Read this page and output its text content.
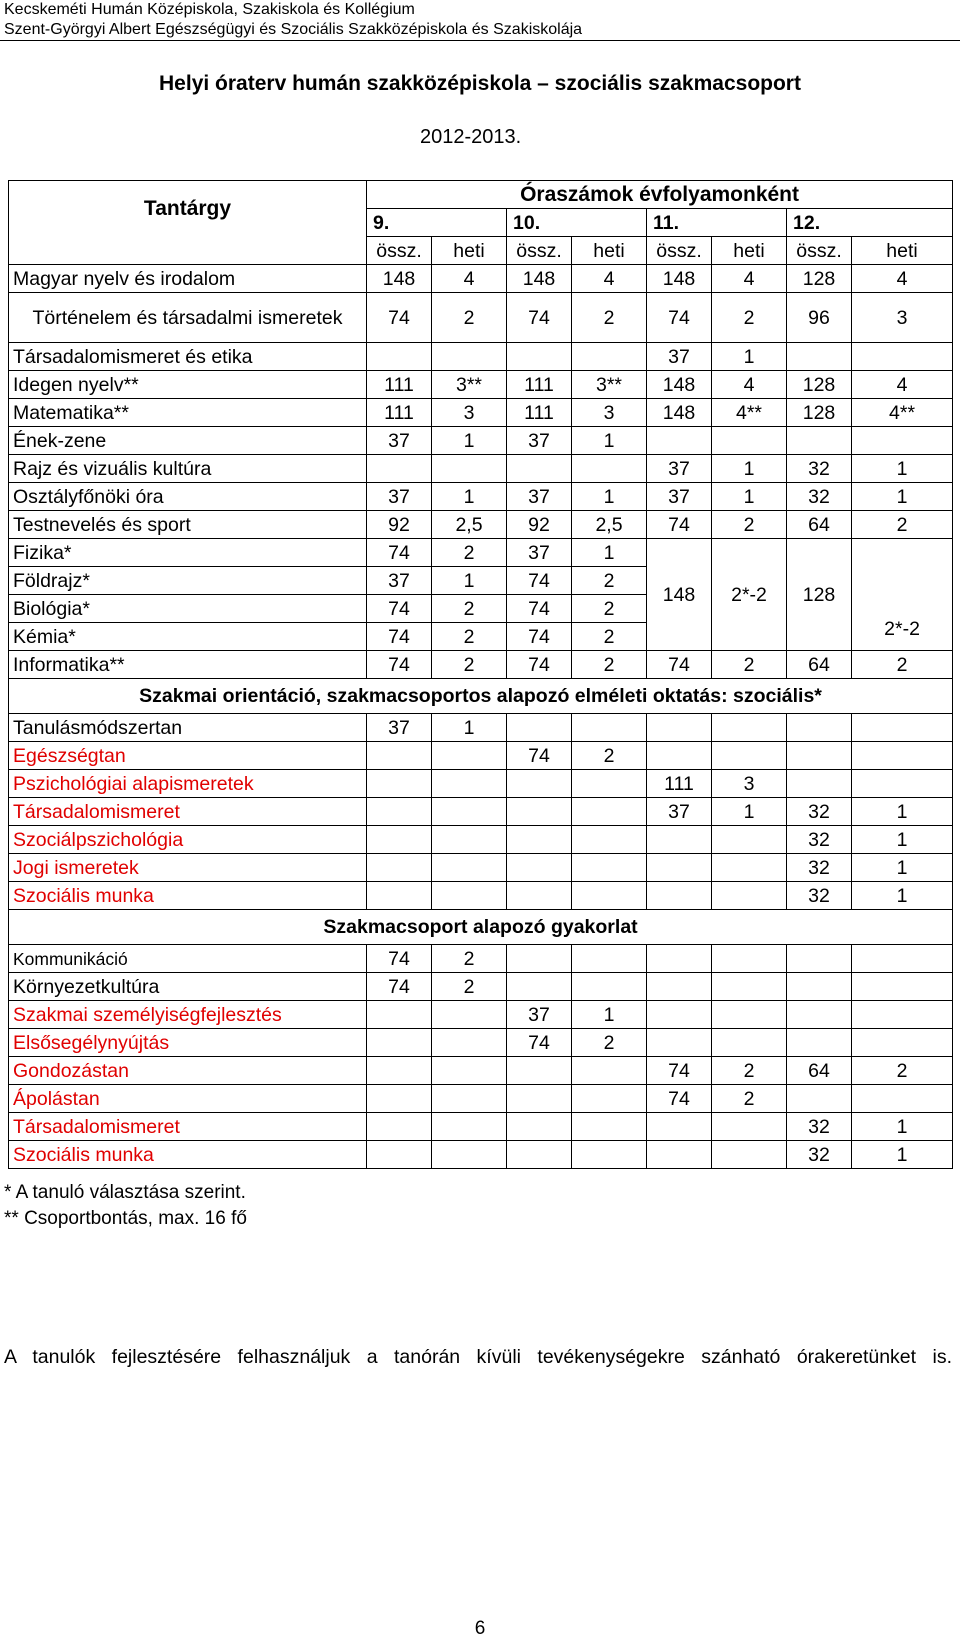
Kecskeméti Humán Középiskola, Szakiskola és Kollégium
Szent-Györgyi Albert Egészségügyi és Szociális Szakközépiskola és Szakiskolája
Helyi óraterv humán szakközépiskola – szociális szakmacsoport
2012-2013.
Tantárgy	Óraszámok évfolyamonként							
	9.		10.		11.		12.	
	össz.	heti	össz.	heti	össz.	heti	össz.	heti
Magyar nyelv és irodalom	148	4	148	4	148	4	128	4
Történelem és társadalmi ismeretek	74	2	74	2	74	2	96	3
Társadalomismeret és etika					37	1		
Idegen nyelv**	111	3**	111	3**	148	4	128	4
Matematika**	111	3	111	3	148	4**	128	4**
Ének-zene	37	1	37	1				
Rajz és vizuális kultúra					37	1	32	1
Osztályfőnöki óra	37	1	37	1	37	1	32	1
Testnevelés és sport	92	2,5	92	2,5	74	2	64	2
Fizika*	74	2	37	1	148	2*-2	128	2*-2
Földrajz*	37	1	74	2				
Biológia*	74	2	74	2				
Kémia*	74	2	74	2				
Informatika**	74	2	74	2	74	2	64	2
Szakmai orientáció, szakmacsoportos alapozó elméleti oktatás: szociális*								
Tanulásmódszertan	37	1						
Egészségtan			74	2				
Pszichológiai alapismeretek					111	3		
Társadalomismeret					37	1	32	1
Szociálpszichológia							32	1
Jogi ismeretek							32	1
Szociális munka							32	1
Szakmacsoport alapozó gyakorlat								
Kommunikáció	74	2						
Környezetkultúra	74	2						
Szakmai személyiségfejlesztés			37	1				
Elsősegélynyújtás			74	2				
Gondozástan					74	2	64	2
Ápolástan					74	2		
Társadalomismeret							32	1
Szociális munka							32	1
* A tanuló választása szerint.
** Csoportbontás, max. 16 fő
A tanulók fejlesztésére felhasználjuk a tanórán kívüli tevékenységekre szánható órakeretünket is.
6
